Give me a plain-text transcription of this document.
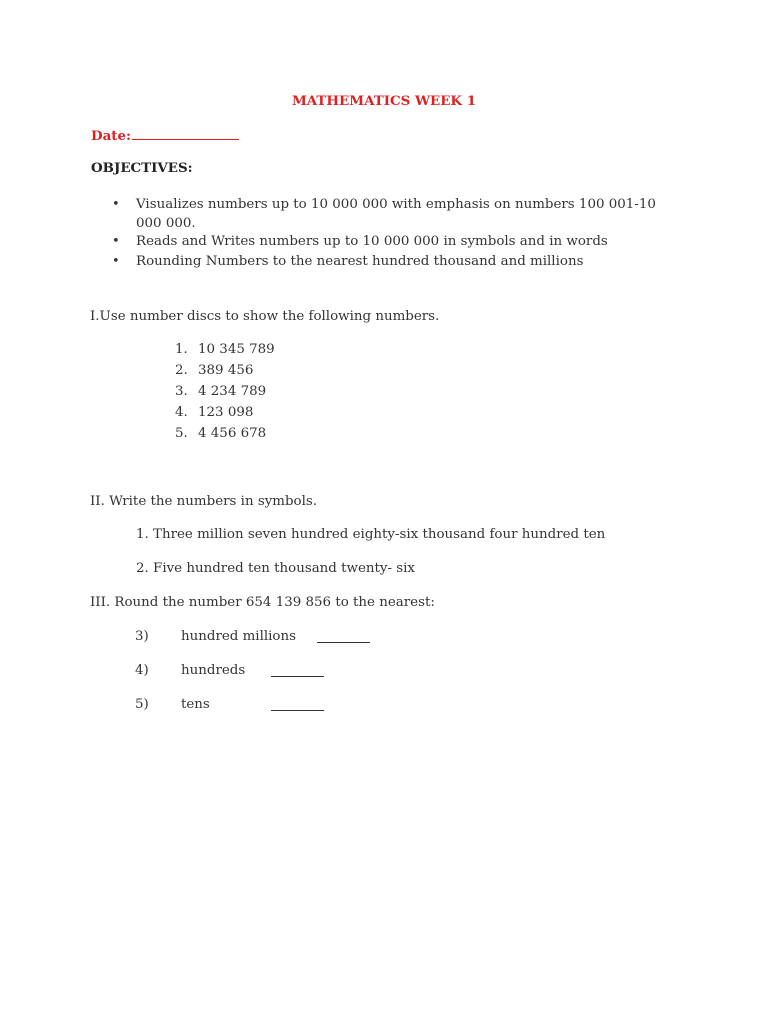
MATHEMATICS WEEK 1
Date:
OBJECTIVES:
• Visualizes numbers up to 10 000 000 with emphasis on numbers 100 001-10
000 000.
• Reads and Writes numbers up to 10 000 000 in symbols and in words
• Rounding Numbers to the nearest hundred thousand and millions
I.Use number discs to show the following numbers.
1. 10 345 789
2. 389 456
3. 4 234 789
4. 123 098
5. 4 456 678
II. Write the numbers in symbols.
1. Three million seven hundred eighty-six thousand four hundred ten
2. Five hundred ten thousand twenty- six
III. Round the number 654 139 856 to the nearest:
3) hundred millions
4) hundreds
5) tens
